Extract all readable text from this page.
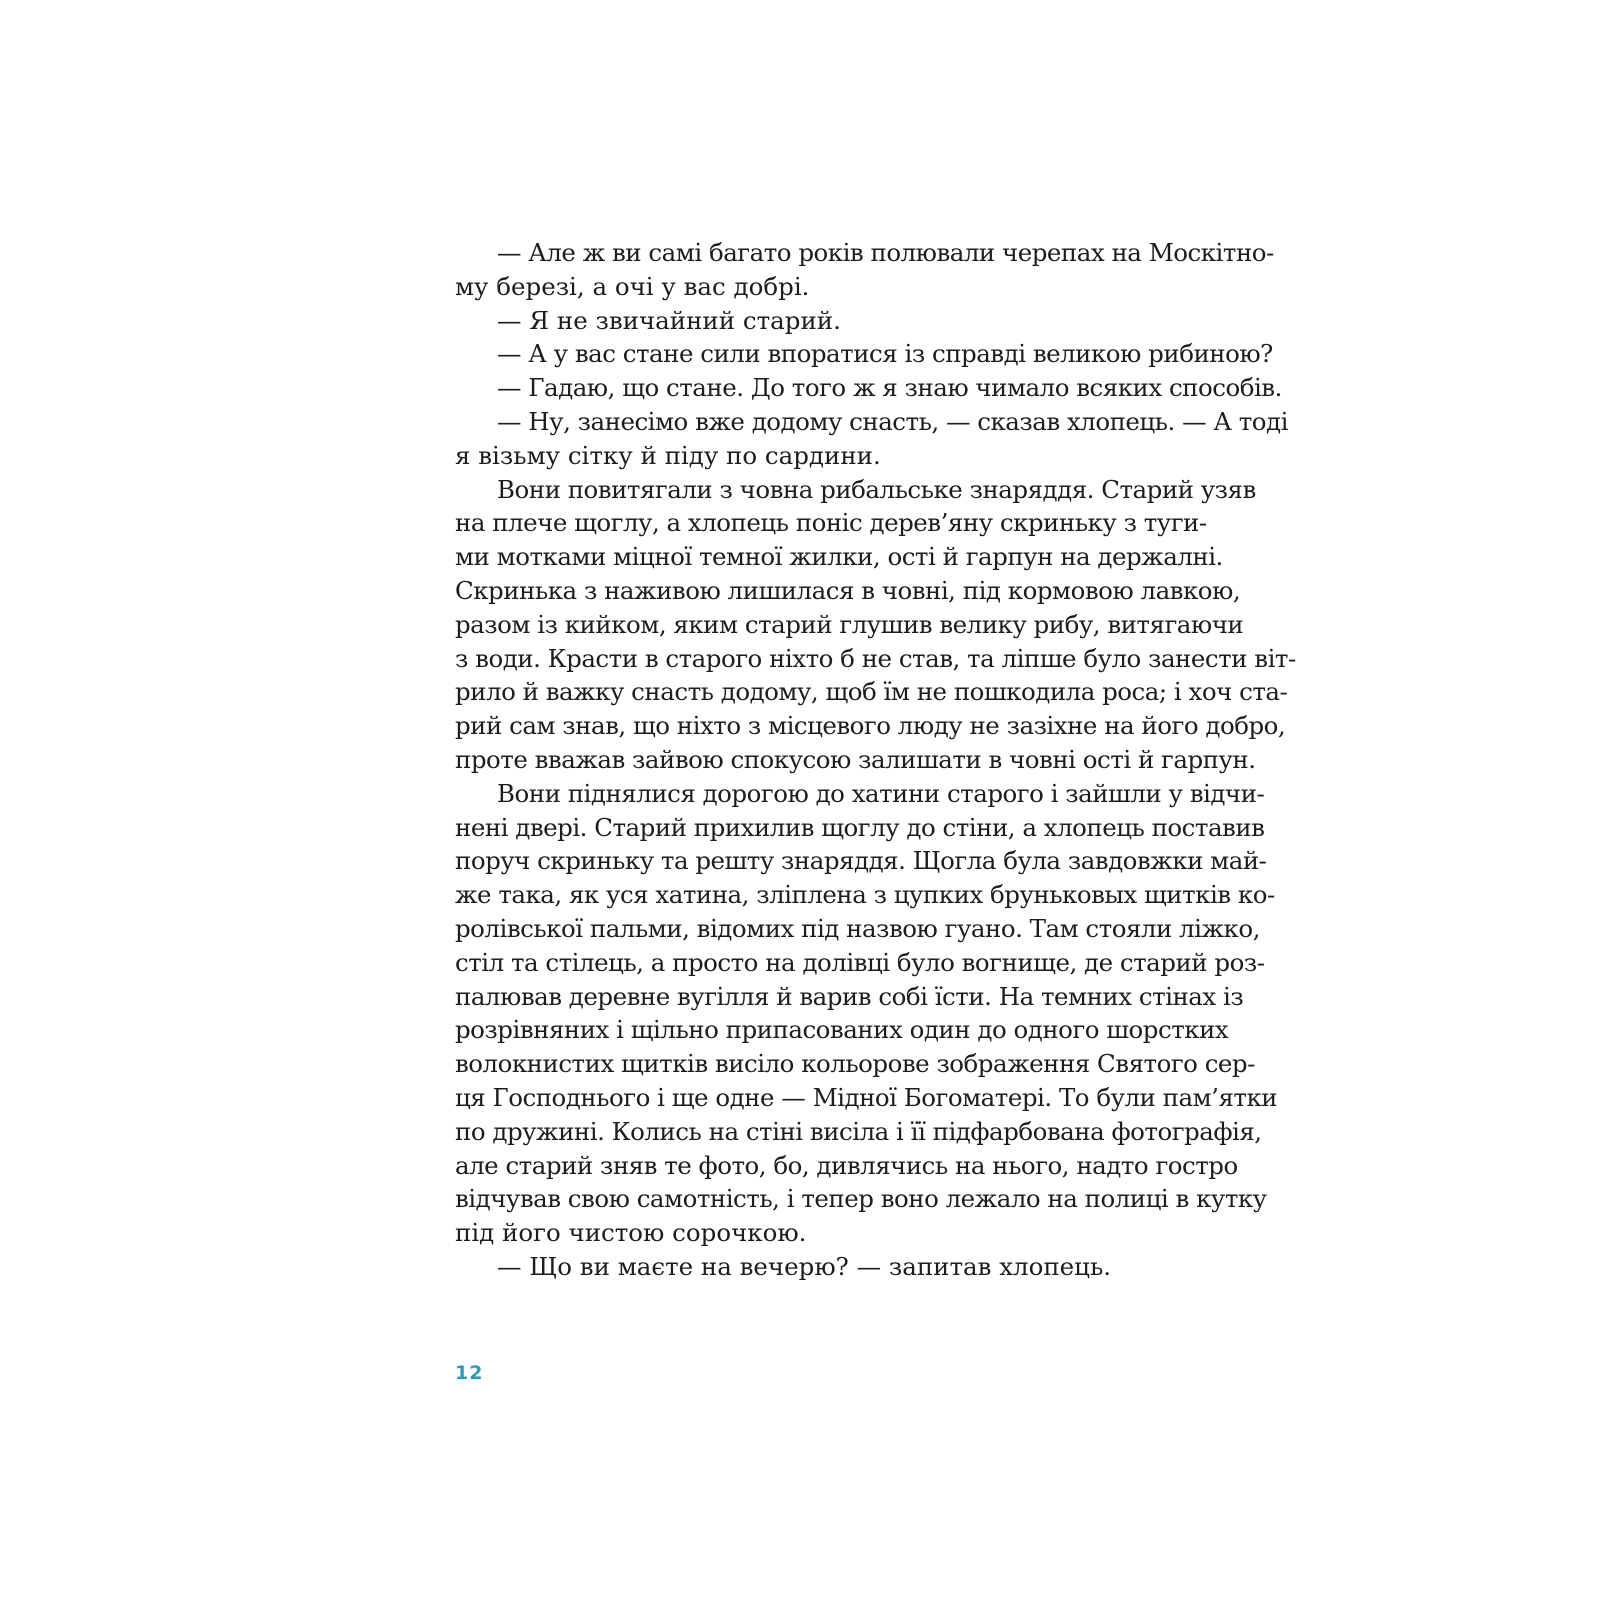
— Але ж ви самі багато років полювали черепах на Москітно-
му березі, а очі у вас добрі.
— Я не звичайний старий.
— А у вас стане сили впоратися із справді великою рибиною?
— Гадаю, що стане. До того ж я знаю чимало всяких способів.
— Ну, занесімо вже додому снасть, — сказав хлопець. — А тоді
я візьму сітку й піду по сардини.
Вони повитягали з човна рибальське знаряддя. Старий узяв
на плече щоглу, а хлопець поніс дерев’яну скриньку з туги-
ми мотками міцної темної жилки, ості й гарпун на держалні.
Скринька з наживою лишилася в човні, під кормовою лавкою,
разом із кийком, яким старий глушив велику рибу, витягаючи
з води. Красти в старого ніхто б не став, та ліпше було занести віт-
рило й важку снасть додому, щоб їм не пошкодила роса; і хоч ста-
рий сам знав, що ніхто з місцевого люду не зазіхне на його добро,
проте вважав зайвою спокусою залишати в човні ості й гарпун.
Вони піднялися дорогою до хатини старого і зайшли у відчи-
нені двері. Старий прихилив щоглу до стіни, а хлопець поставив
поруч скриньку та решту знаряддя. Щогла була завдовжки май-
же така, як уся хатина, зліплена з цупких бруньковых щитків ко-
ролівської пальми, відомих під назвою гуано. Там стояли ліжко,
стіл та стілець, а просто на долівці було вогнище, де старий роз-
палював деревне вугілля й варив собі їсти. На темних стінах із
розрівняних і щільно припасованих один до одного шорстких
волокнистих щитків висіло кольорове зображення Святого сер-
ця Господнього і ще одне — Мідної Богоматері. То були пам’ятки
по дружині. Колись на стіні висіла і її підфарбована фотографія,
але старий зняв те фото, бо, дивлячись на нього, надто гостро
відчував свою самотність, і тепер воно лежало на полиці в кутку
під його чистою сорочкою.
— Що ви маєте на вечерю? — запитав хлопець.
12
